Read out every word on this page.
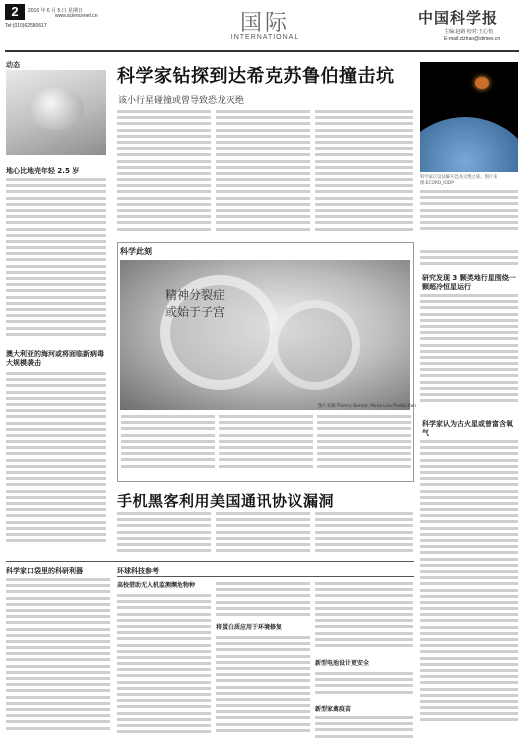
2	2016 年 6 月 5 日 星期日
www.sciencenet.cn
Tel:(010)62580617	国际
INTERNATIONAL
中国科学报
主编:赵路 校对:王心怡
E-mail:zlzhao@stimes.cn
动态
地心比地壳年轻 2.5 岁
澳大利亚的海河或将面临新病毒大规模袭击
科学家钻探到达希克苏鲁伯撞击坑
该小行星碰撞或曾导致恐龙灭绝
科学家正设法解开恐龙灭绝之谜。图片来源:ECORD_IODP
科学此刻
精神分裂症
或始于子宫
图片来源:Thierry Berrod, Mona Lisa Production
研究发现 3 颗类地行星围绕一颗超冷恒星运行
科学家认为古火星或曾富含氧气
手机黑客利用美国通讯协议漏洞
科学家口袋里的科研利器	环球科技参考
高校借助无人机监测濒危物种
将蛋白质应用于环境修复
新型电池设计更安全
新型家禽疫苗
